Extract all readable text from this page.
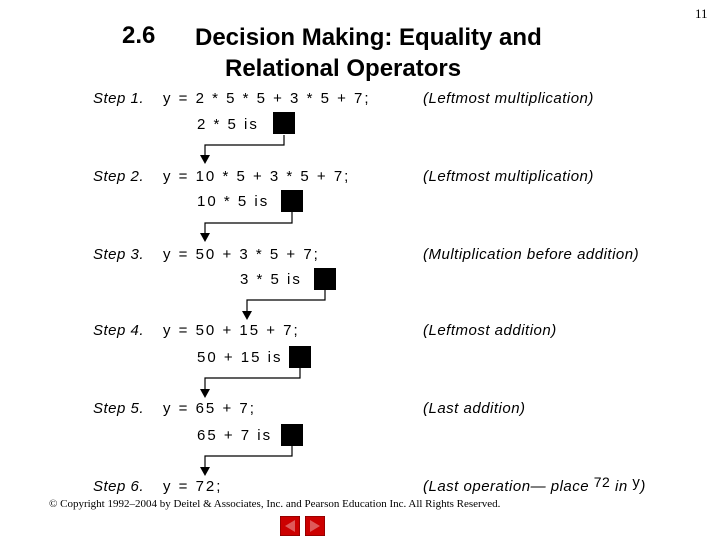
11
2.6 Decision Making: Equality and
Relational Operators
Step 1. y = 2 * 5 * 5 + 3 * 5 + 7;	(Leftmost multiplication)
2 * 5 is
Step 2. y = 10 * 5 + 3 * 5 + 7;	(Leftmost multiplication)
10 * 5 is
Step 3. y = 50 + 3 * 5 + 7;	(Multiplication before addition)
3 * 5 is
Step 4. y = 50 + 15 + 7;	(Leftmost addition)
50 + 15 is
Step 5. y = 65 + 7;	(Last addition)
65 + 7 is
Step 6. y = 72;	(Last operation— place 72 in y)
© Copyright 1992–2004 by Deitel & Associates, Inc. and Pearson Education Inc. All Rights Reserved.
